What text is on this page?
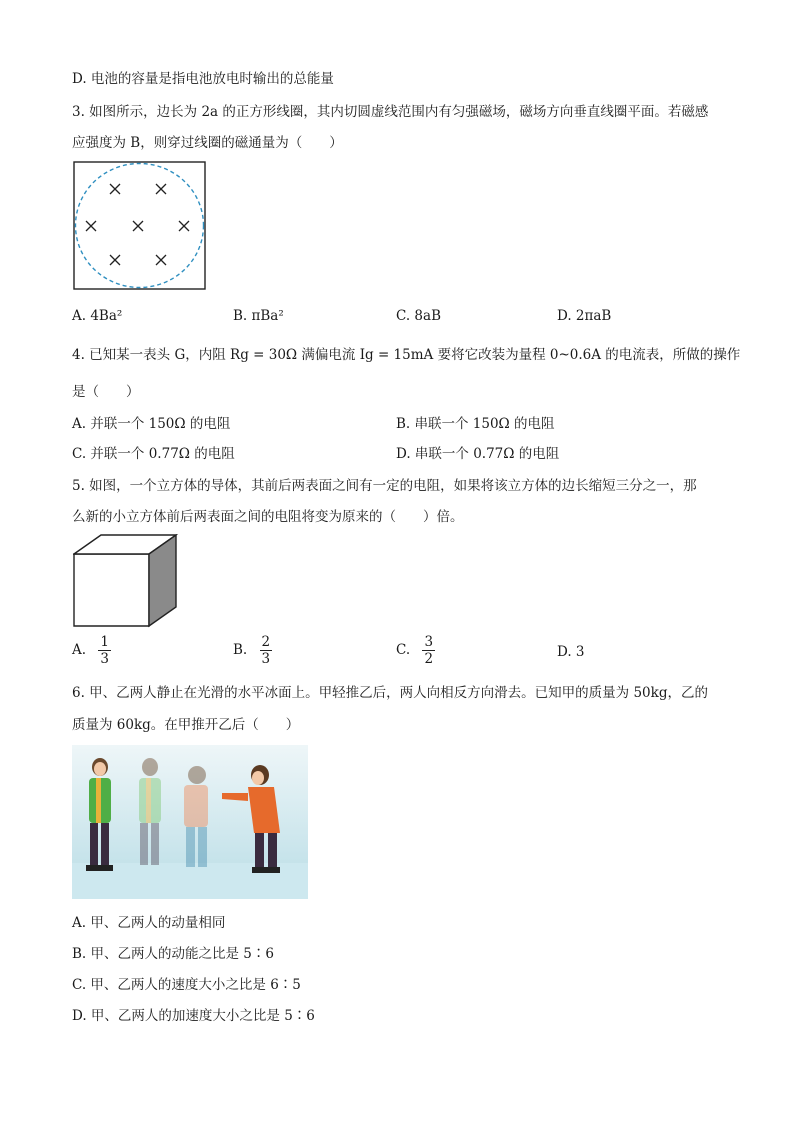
D. 电池的容量是指电池放电时输出的总能量
3. 如图所示，边长为 2a 的正方形线圈，其内切圆虚线范围内有匀强磁场，磁场方向垂直线圈平面。若磁感
应强度为 B，则穿过线圈的磁通量为（　　）
A. 4Ba²	B. πBa²	C. 8aB	D. 2πaB
4. 已知某一表头 G，内阻 Rg = 30Ω 满偏电流 Ig = 15mA 要将它改装为量程 0~0.6A 的电流表，所做的操作
是（　　）
A. 并联一个 150Ω 的电阻	B. 串联一个 150Ω 的电阻
C. 并联一个 0.77Ω 的电阻	D. 串联一个 0.77Ω 的电阻
5. 如图，一个立方体的导体，其前后两表面之间有一定的电阻，如果将该立方体的边长缩短三分之一，那
么新的小立方体前后两表面之间的电阻将变为原来的（　　）倍。
A. $\frac{1}{3}$	B. $\frac{2}{3}$	C. $\frac{3}{2}$	D. 3
6. 甲、乙两人静止在光滑的水平冰面上。甲轻推乙后，两人向相反方向滑去。已知甲的质量为 50kg，乙的
质量为 60kg。在甲推开乙后（　　）
A. 甲、乙两人的动量相同
B. 甲、乙两人的动能之比是 5∶6
C. 甲、乙两人的速度大小之比是 6∶5
D. 甲、乙两人的加速度大小之比是 5∶6
